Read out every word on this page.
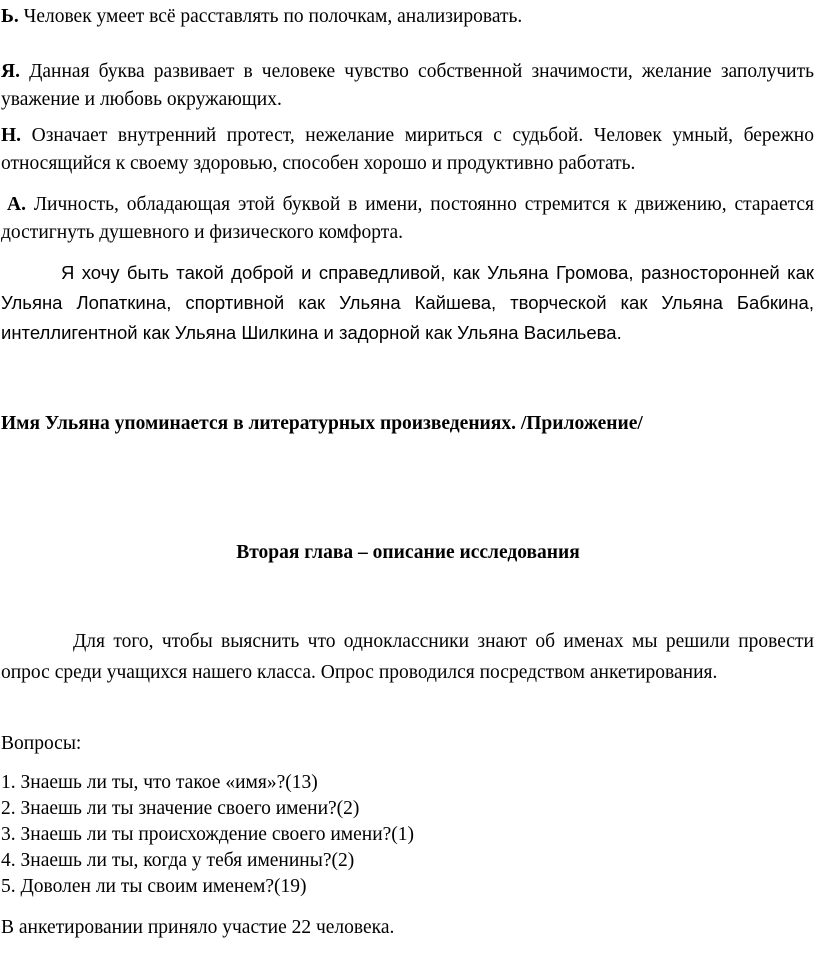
Ь. Человек умеет всё расставлять по полочкам, анализировать.

Я. Данная буква развивает в человеке чувство собственной значимости, желание заполучить уважение и любовь окружающих.

Н. Означает внутренний протест, нежелание мириться с судьбой. Человек умный, бережно относящийся к своему здоровью, способен хорошо и продуктивно работать.

А. Личность, обладающая этой буквой в имени, постоянно стремится к движению, старается достигнуть душевного и физического комфорта.

Я хочу быть такой доброй и справедливой, как Ульяна Громова, разносторонней как Ульяна Лопаткина, спортивной как Ульяна Кайшева, творческой как Ульяна Бабкина, интеллигентной как Ульяна Шилкина и задорной как Ульяна Васильева.

Имя Ульяна упоминается в литературных произведениях. /Приложение/

Вторая глава – описание исследования

Для того, чтобы выяснить что одноклассники знают об именах мы решили провести опрос среди учащихся нашего класса. Опрос проводился посредством анкетирования.

Вопросы:

1. Знаешь ли ты, что такое «имя»?(13)

2. Знаешь ли ты значение своего имени?(2)

3. Знаешь ли ты происхождение своего имени?(1)

4. Знаешь ли ты, когда у тебя именины?(2)

5. Доволен ли ты своим именем?(19)

В анкетировании приняло участие 22 человека.
